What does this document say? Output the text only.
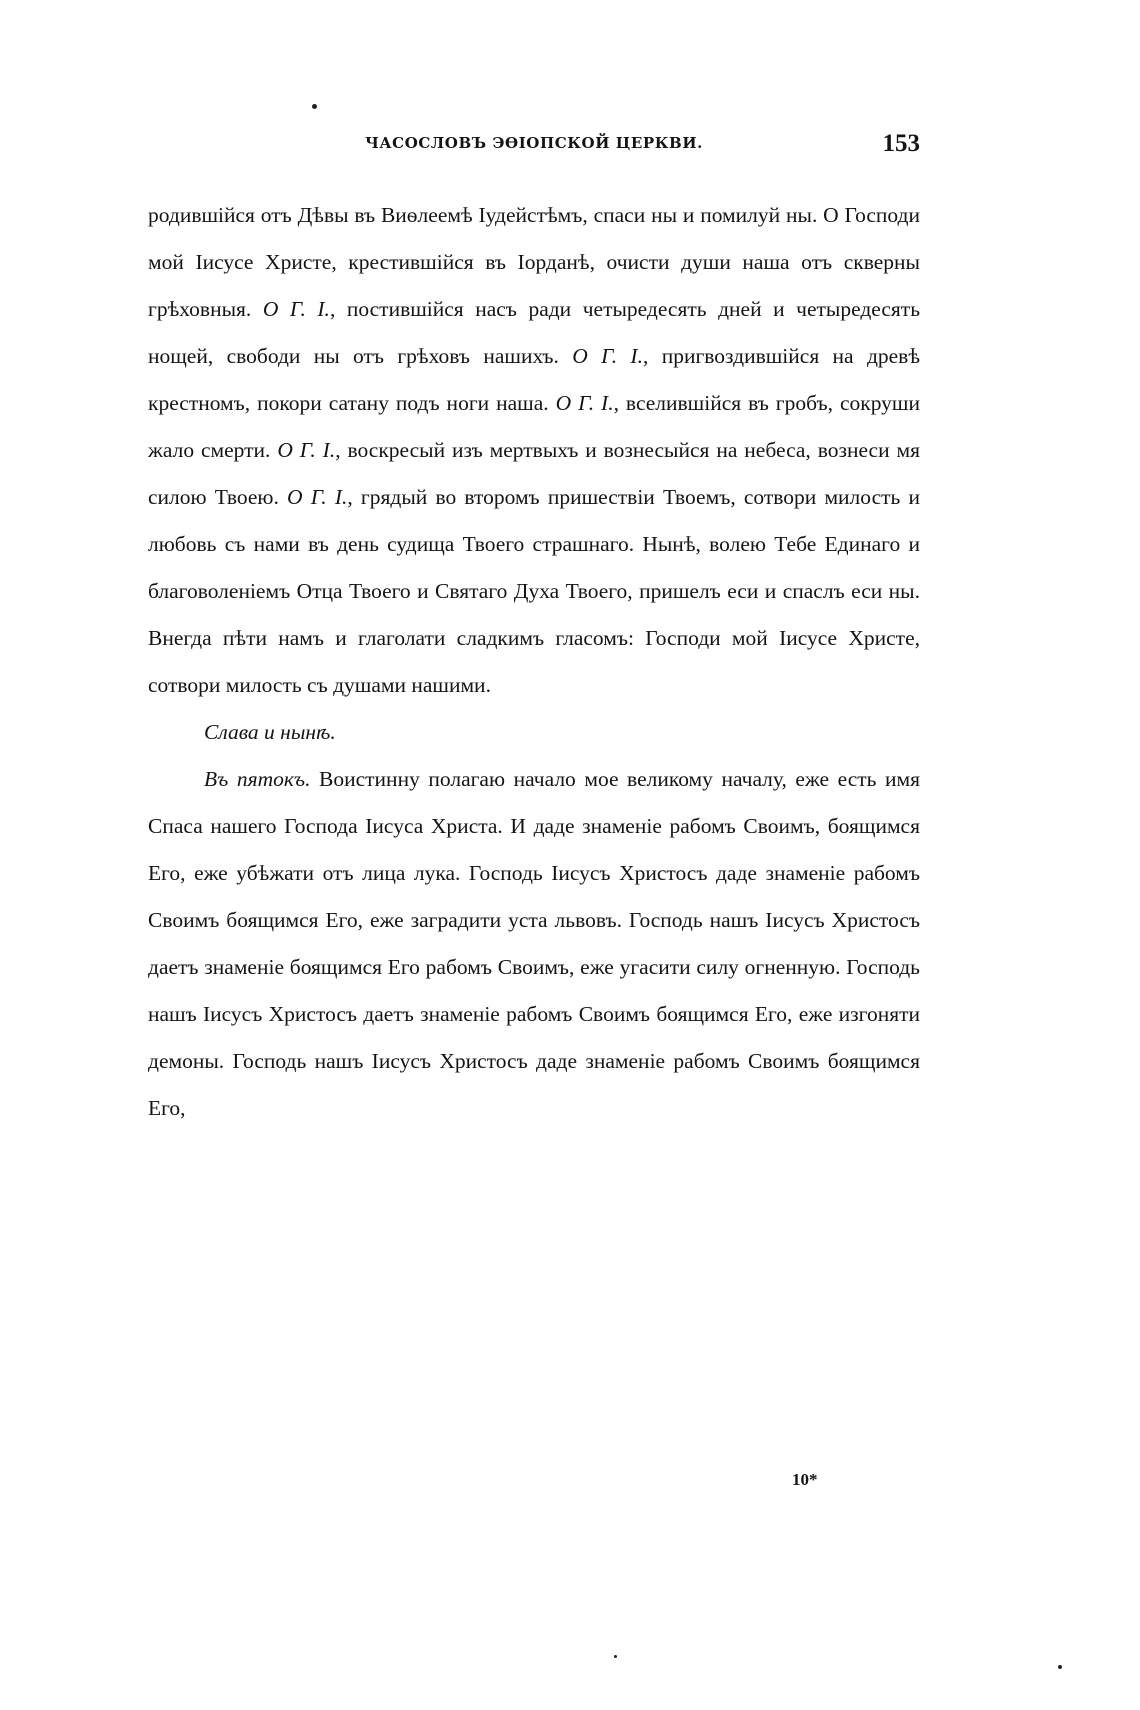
ЧАСОСЛОВЪ ЭѲІОПСКОЙ ЦЕРКВИ.	153

родившійся отъ Дѣвы въ Виѳлеемѣ Іудейстѣмъ, спаси ны и помилуй ны. О Господи мой Іисусе Христе, крестившійся въ Іорданѣ, очисти души наша отъ скверны грѣховныя. О Г. І., постившійся насъ ради четыредесять дней и четыредесять нощей, свободи ны отъ грѣховъ нашихъ. О Г. І., пригвоздившійся на древѣ крестномъ, покори сатану подъ ноги наша. О Г. І., вселившійся въ гробъ, сокруши жало смерти. О Г. І., воскресый изъ мертвыхъ и вознесыйся на небеса, вознеси мя силою Твоею. О Г. І., грядый во второмъ пришествіи Твоемъ, сотвори милость и любовь съ нами въ день судища Твоего страшнаго. Нынѣ, волею Тебе Единаго и благоволеніемъ Отца Твоего и Святаго Духа Твоего, пришелъ еси и спаслъ еси ны. Внегда пѣти намъ и глаголати сладкимъ гласомъ: Господи мой Іисусе Христе, сотвори милость съ душами нашими.

Слава и нынѣ.

Въ пятокъ. Воистинну полагаю начало мое великому началу, еже есть имя Спаса нашего Господа Іисуса Христа. И даде знаменіе рабомъ Своимъ, боящимся Его, еже убѣжати отъ лица лука. Господь Іисусъ Христосъ даде знаменіе рабомъ Своимъ боящимся Его, еже заградити уста львовъ. Господь нашъ Іисусъ Христосъ даетъ знаменіе боящимся Его рабомъ Своимъ, еже угасити силу огненную. Господь нашъ Іисусъ Христосъ даетъ знаменіе рабомъ Своимъ боящимся Его, еже изгоняти демоны. Господь нашъ Іисусъ Христосъ даде знаменіе рабомъ Своимъ боящимся Его,

10*
